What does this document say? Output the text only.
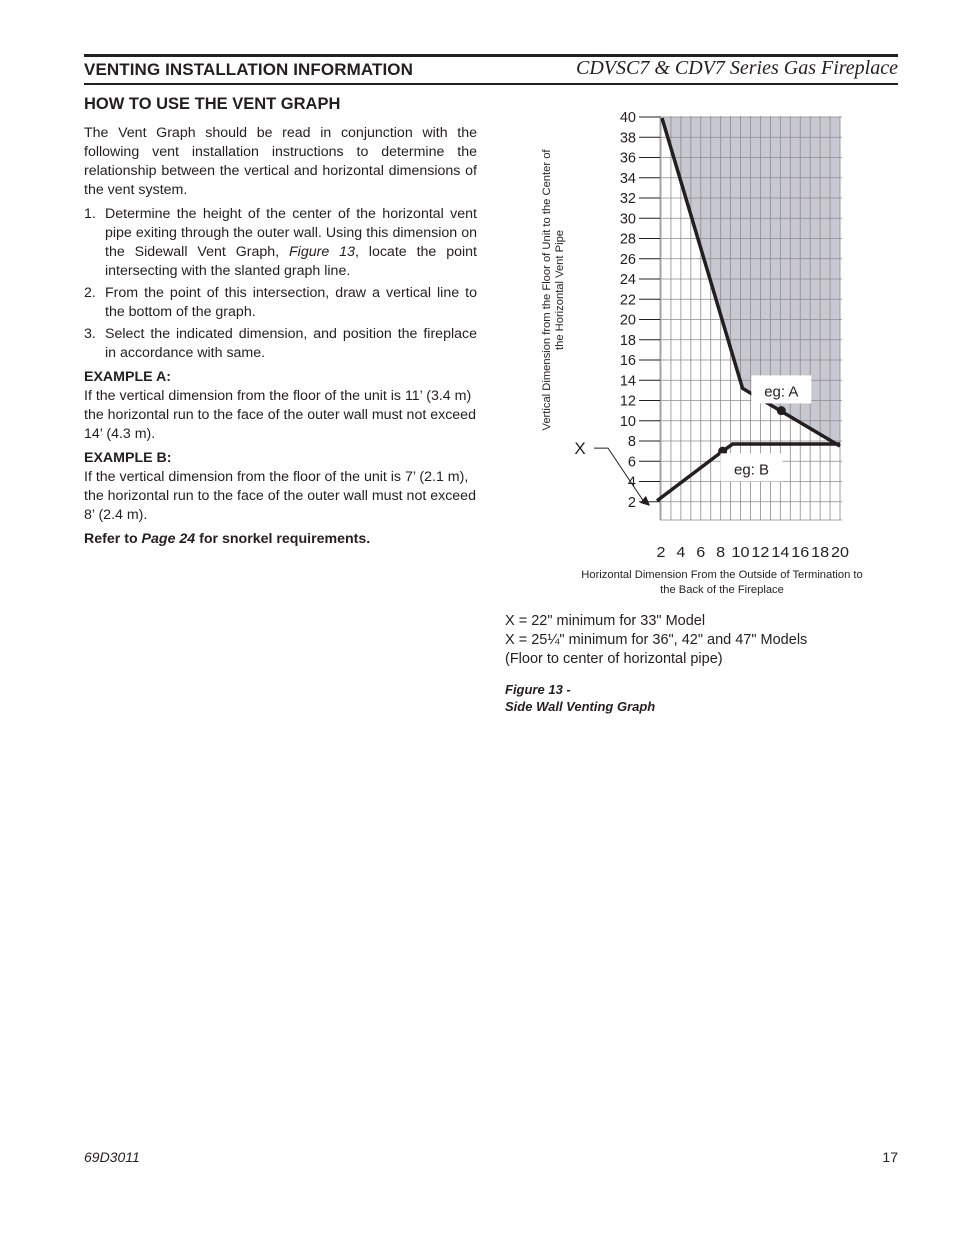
VENTING INSTALLATION INFORMATION	CDVSC7 & CDV7 Series Gas Fireplace
HOW TO USE THE VENT GRAPH

The Vent Graph should be read in conjunction with the following vent installation instructions to determine the relationship between the vertical and horizontal dimensions of the vent system.

1. Determine the height of the center of the horizontal vent pipe exiting through the outer wall. Using this dimension on the Sidewall Vent Graph, Figure 13, locate the point intersecting with the slanted graph line.
2. From the point of this intersection, draw a vertical line to the bottom of the graph.
3. Select the indicated dimension, and position the fireplace in accordance with same.

EXAMPLE A:

If the vertical dimension from the floor of the unit is 11’ (3.4 m) the horizontal run to the face of the outer wall must not exceed 14’ (4.3 m).

EXAMPLE B:

If the vertical dimension from the floor of the unit is 7’ (2.1 m), the horizontal run to the face of the outer wall must not exceed 8’ (2.4 m).

Refer to Page 24 for snorkel requirements.

2
4
6
8
10
12
14
16
18
20
22
24
26
28
30
32
34
36
38
40
2 4 6 8 10 12 14 16 18 20
eg: A
eg: B
X
Vertical Dimension from the Floor of Unit to the Center ofthe Horizontal Vent Pipe
Horizontal Dimension From the Outside of Termination to the Back of the Fireplace
X = 22" minimum for 33" Model
X = 25¼" minimum for 36", 42" and 47" Models
(Floor to center of horizontal pipe)
Figure 13 -
Side Wall Venting Graph
69D3011	17
